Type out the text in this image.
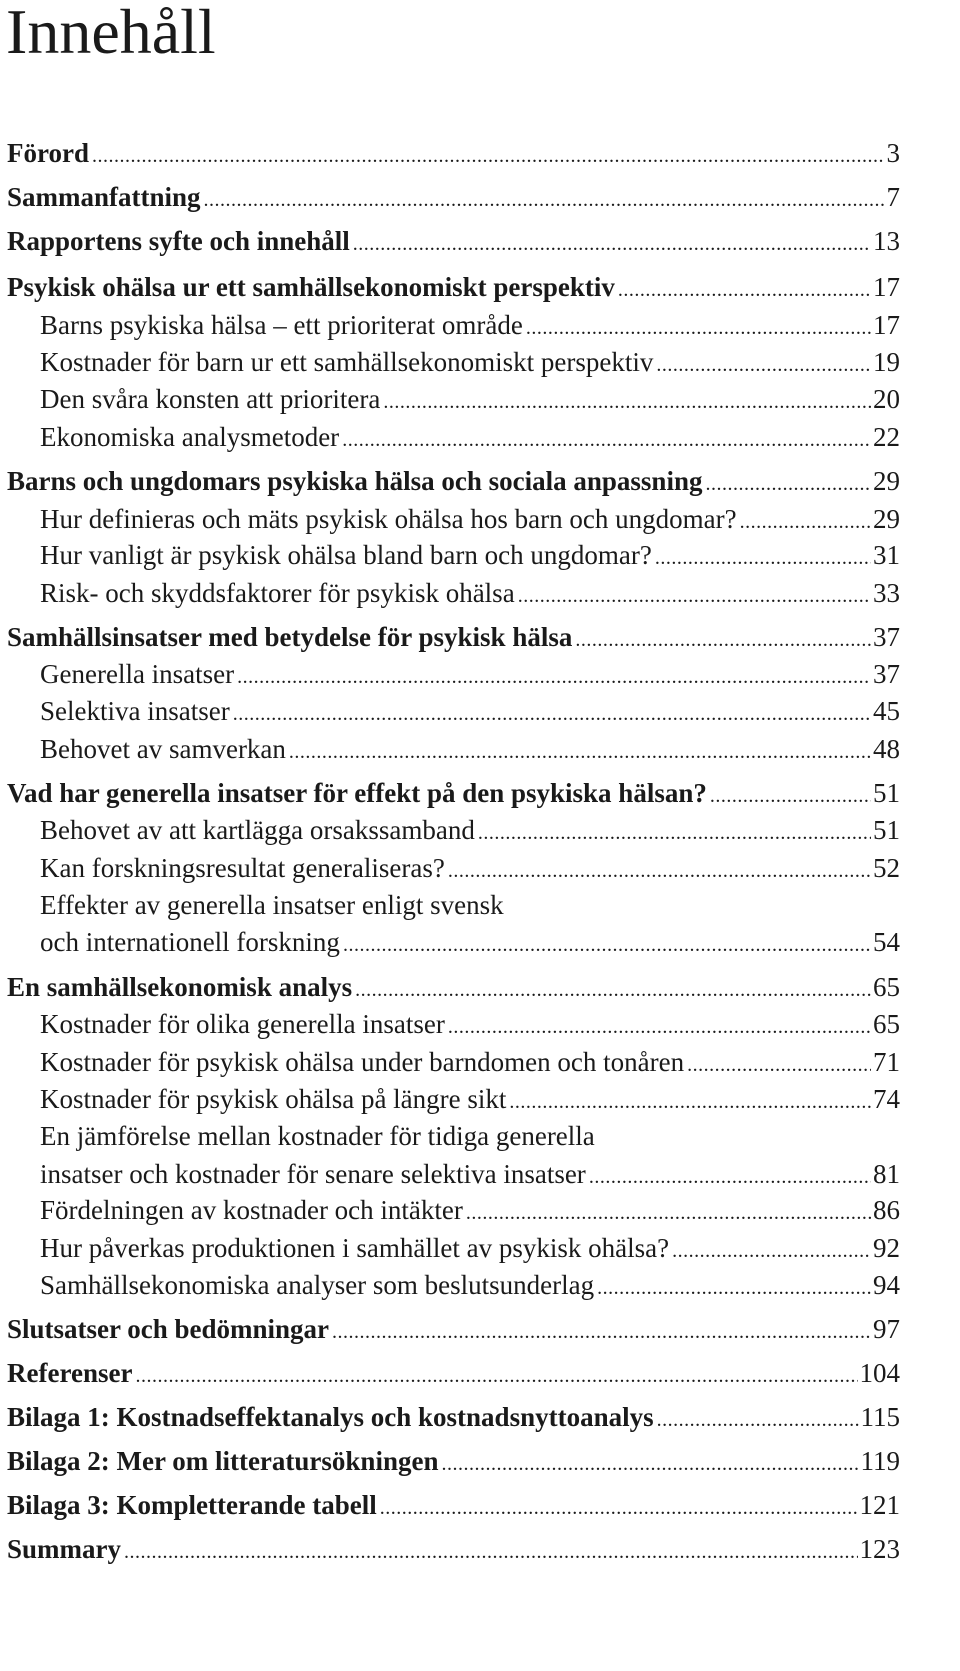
Innehåll
Förord .....	3
Sammanfattning .....	7
Rapportens syfte och innehåll .....	13
Psykisk ohälsa ur ett samhällsekonomiskt perspektiv .....	17
Barns psykiska hälsa – ett prioriterat område .....	17
Kostnader för barn ur ett samhällsekonomiskt perspektiv .....	19
Den svåra konsten att prioritera .....	20
Ekonomiska analysmetoder .....	22
Barns och ungdomars psykiska hälsa och sociala anpassning .....	29
Hur definieras och mäts psykisk ohälsa hos barn och ungdomar? .....	29
Hur vanligt är psykisk ohälsa bland barn och ungdomar? .....	31
Risk- och skyddsfaktorer för psykisk ohälsa .....	33
Samhällsinsatser med betydelse för psykisk hälsa .....	37
Generella insatser .....	37
Selektiva insatser .....	45
Behovet av samverkan .....	48
Vad har generella insatser för effekt på den psykiska hälsan? .....	51
Behovet av att kartlägga orsakssamband .....	51
Kan forskningsresultat generaliseras? .....	52
Effekter av generella insatser enligt svensk
och internationell forskning .....	54
En samhällsekonomisk analys .....	65
Kostnader för olika generella insatser .....	65
Kostnader för psykisk ohälsa under barndomen och tonåren .....	71
Kostnader för psykisk ohälsa på längre sikt .....	74
En jämförelse mellan kostnader för tidiga generella
insatser och kostnader för senare selektiva insatser .....	81
Fördelningen av kostnader och intäkter .....	86
Hur påverkas produktionen i samhället av psykisk ohälsa? .....	92
Samhällsekonomiska analyser som beslutsunderlag .....	94
Slutsatser och bedömningar .....	97
Referenser .....	104
Bilaga 1: Kostnadseffektanalys och kostnadsnyttoanalys .....	115
Bilaga 2: Mer om litteratursökningen .....	119
Bilaga 3: Kompletterande tabell .....	121
Summary .....	123
